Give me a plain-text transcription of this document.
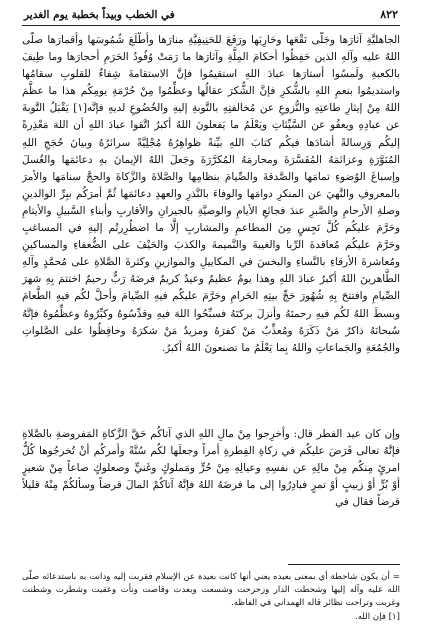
٨٢٢
في الخطب وبيداً بخطبة يوم الغدير
الجاهليَّةِ آثارَها وجَلَّى نَقْعَها وحَارِبَها ورَفَعَ للحَنِيفِيَّةِ منارَها وأطْلَعَ شُمُوسَها وأقمارَها صلَّى اللهُ عليه وآلهِ الذين حَفِظُوا أحكامَ المِلَّةِ وآثارَها ما رَمَتْ وُفُودُ الحَرَمِ أحجارَها وما طِيفَ بالكعبةِ ولَمسُوا أستارَها عبادَ اللهِ استقيمُوا فإنَّ الاستقامةَ شِفاءٌ للقلوبِ سقامُها واستديمُوا بنعمِ اللهِ بالشُّكرِ فإنَّ الشُّكرَ عقالُها وعظِّمُوا مِنْ حُرْمَةِ يومِكُم هذا ما عظَّمَ اللهُ مِنْ إيثارِ طاعتِهِ والنُّزوعِ عن مُخالفتِهِ بالتَّوبةِ إليهِ والخُضُوعِ لديهِ فإنَّه[١] يَقْبَلُ التَّوبةَ عن عبادِهِ ويعفُو عن السَّيِّئاتِ ويَعْلَمُ ما يَفعلونَ اللهُ أكبرُ اتَّقوا عبادَ اللهِ أن اللهَ مَعْذِرةً إليكُم وَرِسالةً أشادَها فيكُم كتابَ اللهِ بيِّنةً ظواهِرُهُ مُجْلِيَّةً سرائرُهُ وبيانَ حُجَجِ اللهِ المُنَوَّرَةِ وعزائمَهُ المُفَسَّرَةَ ومحارمَهُ المُكرَّرَةَ وجَعلَ اللهُ الإيمانَ بهِ دعائمَها والغُسلَ وإسباغَ الوُضوءِ تمامَها والصَّدقةَ والصِّيامَ بنظامِها والصَّلاةَ والزَّكاةَ والحجَّ سنامَها والأمرَ بالمعروفِ والنَّهيَ عن المنكرِ دوامَها والوفاءَ بالنَّذرِ والعهدِ دعائمَها ثُمَّ أمرَكُم ببِرِّ الوالدينِ وصلةِ الأرحامِ والصَّبرِ عندَ فجائعِ الأيامِ والوصيَّةِ بالجيرانِ والأقاربِ وأبناءِ السَّبيلِ والأيتامِ وحَرَّمَ عليكُم كُلَّ نَجِسٍ مِنَ المطاعمِ والمشاربِ إلَّا ما اضطُرِرتُم إليهِ في المساغبِ وحَرَّمَ عليكُم مُعاقدةَ الرِّبا والغيبةَ والنَّميمةَ والكذبَ والحَيْفَ على الضُّعفاءِ والمساكينِ ومُعاشرةَ الأرقاءِ بالنَّساءِ والبخسَ في المكاييلِ والموازينِ وكثرةَ الصَّلاةِ على مُحمَّدٍ وآلهِ الطَّاهرينَ اللهُ أكبرُ عبادَ اللهِ وهذا يومٌ عظيمٌ وعيدٌ كريمٌ فرضَهُ رَبٌّ رحيمٌ اختتمَ بِهِ شهرَ الصِّيامِ وافتتحَ بِهِ شُهُورَ حَجِّ بيتِهِ الحَرامِ وحَرَّمَ عليكُم فيهِ الصِّيامَ وأحلَّ لكُم فيهِ الطَّعامَ وبسطَ اللهُ لكُم فيهِ رحمتَهُ وأنزلَ بركتَهُ فسبِّحُوا اللهَ فيهِ وقدِّسُوهُ وكبِّرُوهُ وعظِّمُوهُ فإنَّهُ سُبحانَهُ ذاكرٌ مَنْ ذَكَرَهُ ومُعذِّبٌ مَنْ كفرَهُ ومزيدٌ مَنْ شكرَهُ وحافِظُوا على الصَّلواتِ والجُمُعَةِ والجَماعاتِ واللهُ بِما يَعْلَمُ ما تصنعونَ اللهُ أكبرُ.
وإن كان عيد الفطر قال: وأخرِجوا مِنْ مالِ اللهِ الذي آتاكُم حَقَّ الزَّكاةِ المَفروضةِ بالصَّلاةِ فإنَّهُ تعالى فَرَضَ عليكُم في زكاةِ الفِطرةِ أمراً وجعلَها لكُم سُنَّةً وأمركُم أنْ تُخرجُوها كُلُّ امرئٍ مِنكُم مِنْ مالِهِ عن نفسِهِ وعيالِهِ مِنْ حُرٍّ ومَملوكٍ وغَنيٍّ وصعلوكٍ صاعاً مِنْ شعيرٍ أوْ بُرٍّ أوْ زبيبٍ أوْ تمرٍ فبادِرُوا إلى ما فرضَهُ اللهُ فإنَّهُ آتاكُمْ المالَ قرضاً وسألكُمْ مِنْهُ قليلاً قرضاً فقال في
= أن يكون شاحطة أي بمعنى بعيده يعني أنها كانت بعيدة عن الإسلام فقربت إليه ودانت به باستدعائه صلّى الله عليه وآله إليها وشحطت الدار وزحزحت وشسعت وبعدت وقاصت ونأت وعقبت وشطرت وشطنت وغربت وتراحت نظائر قاله الهمداني في الفاظه.
[١] فإن الله.
